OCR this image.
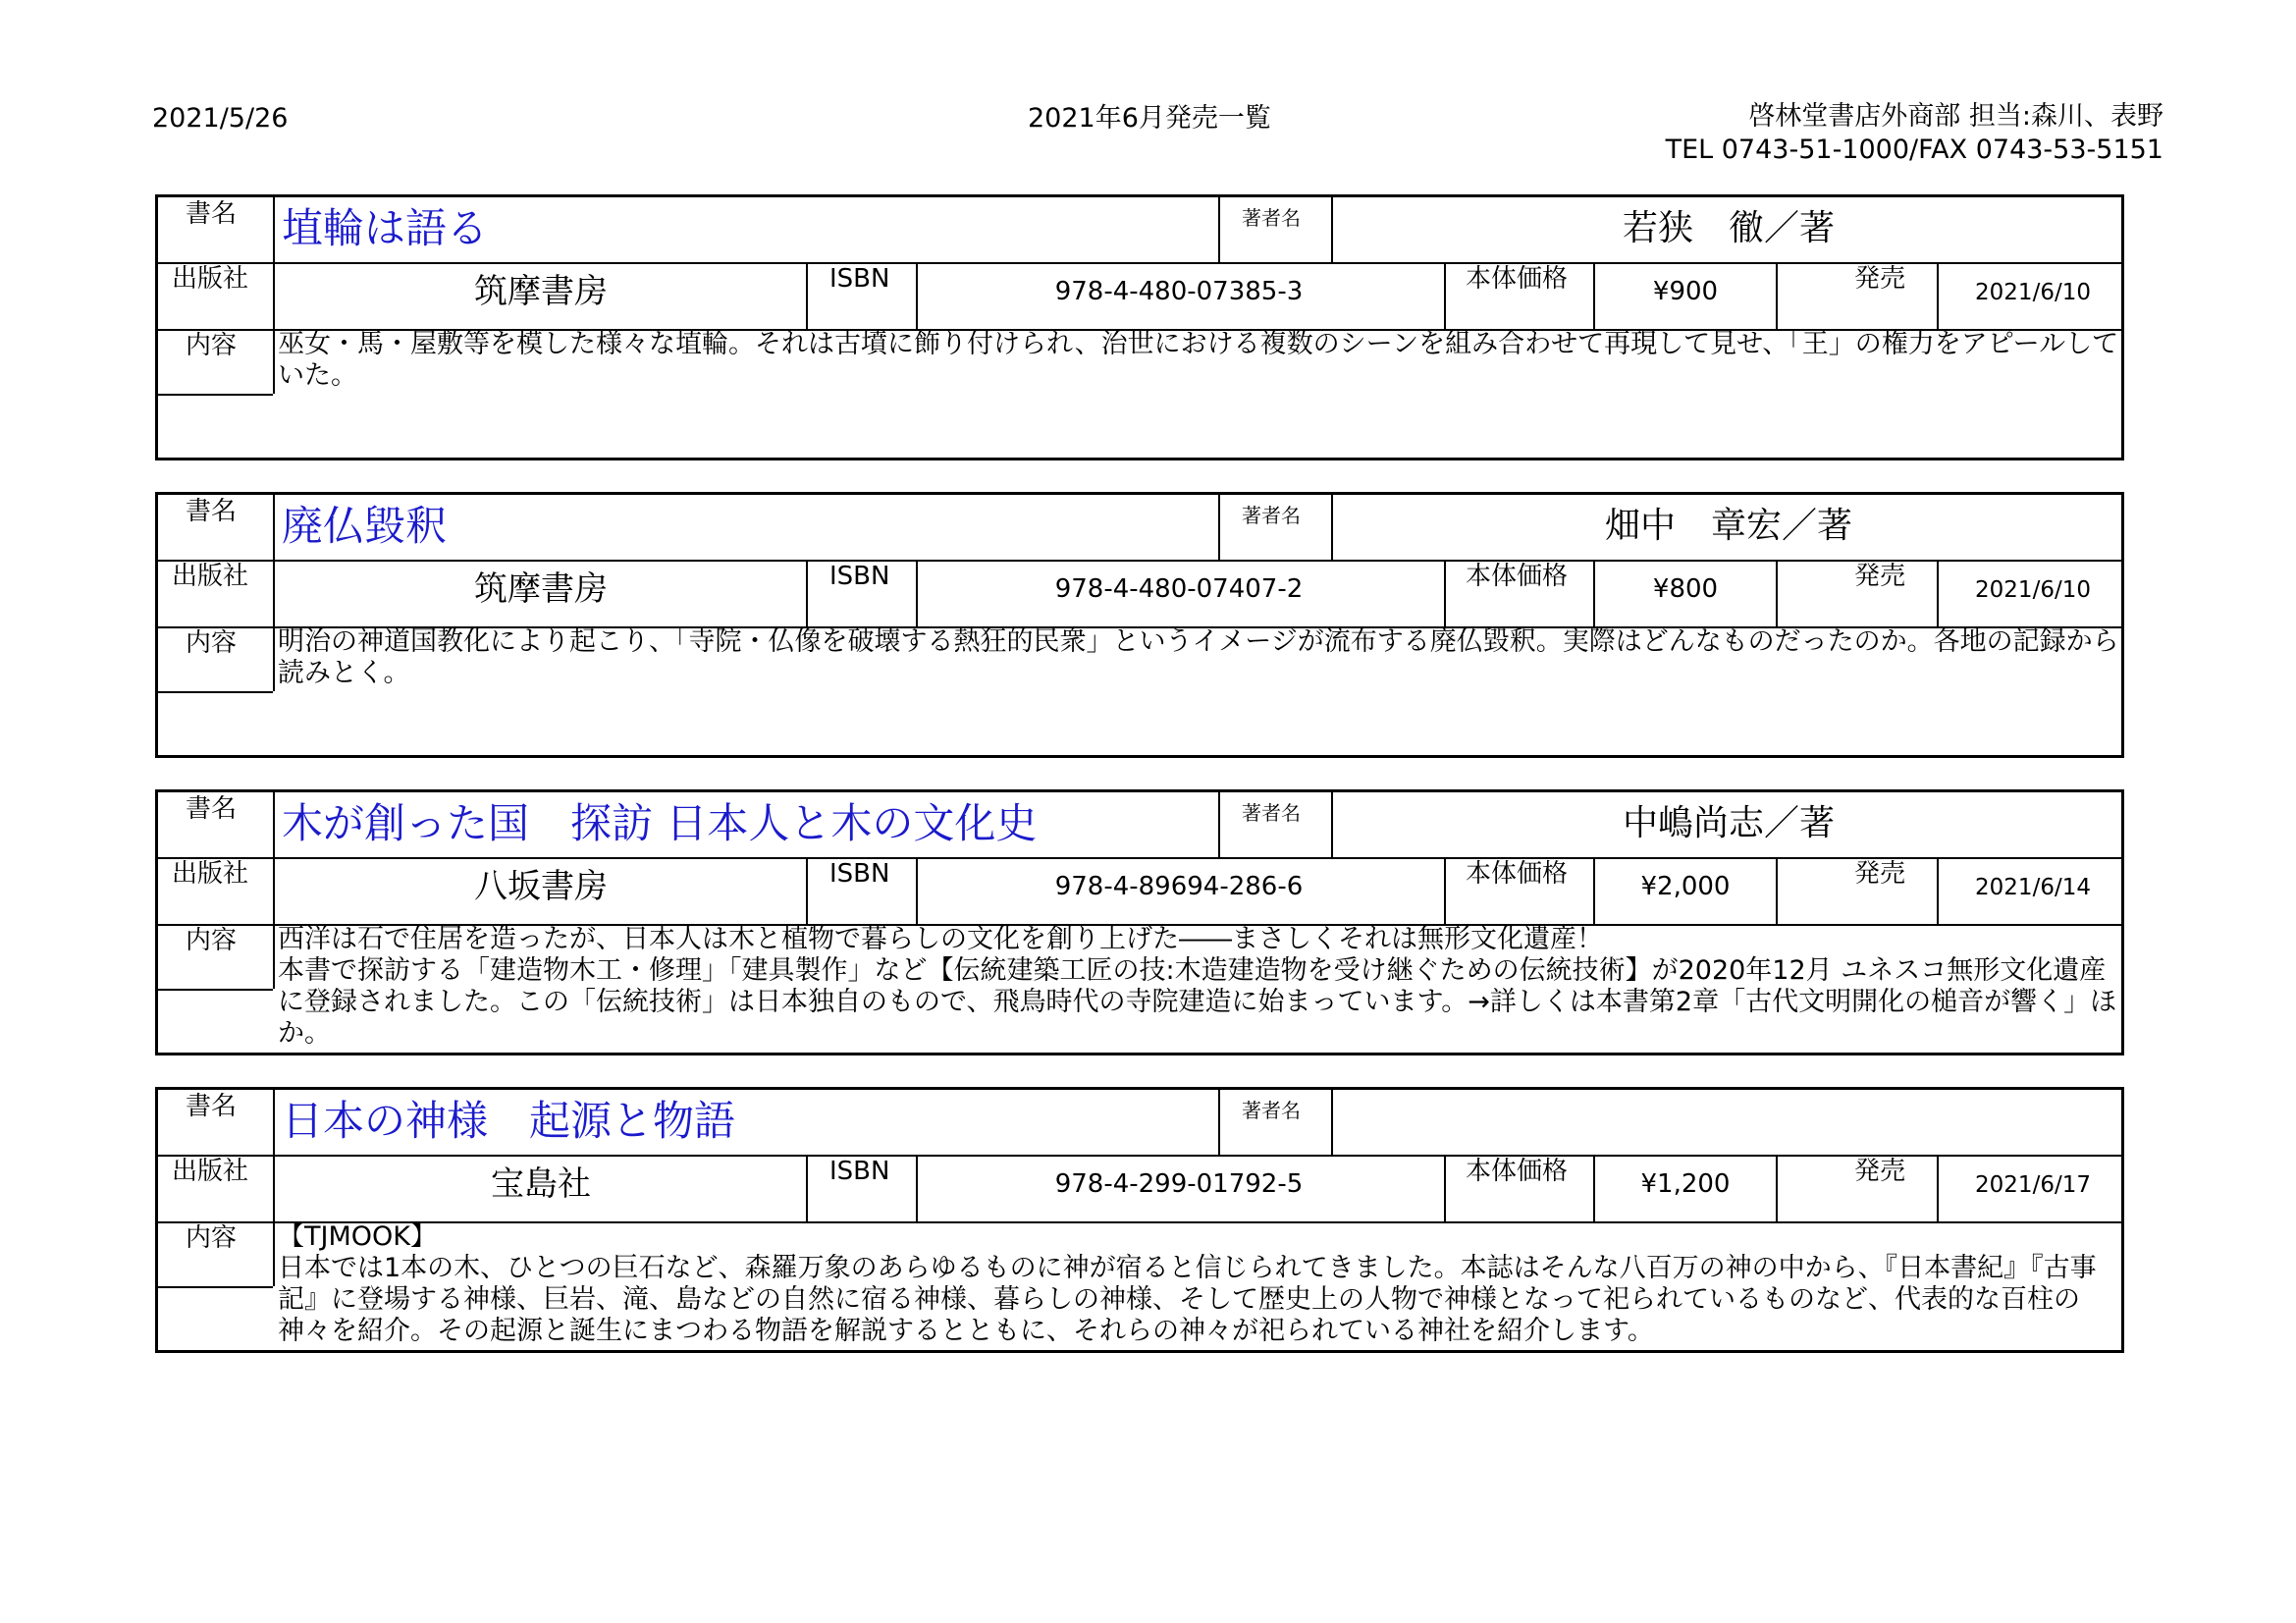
2021/5/26	2021年6月発売一覧	啓林堂書店外商部 担当:森川、表野
TEL 0743-51-1000/FAX 0743-53-5151
書名 埴輪は語る	著者名	若狭　徹／著
出版社	筑摩書房	ISBN	978-4-480-07385-3	本体価格	¥900	発売	2021/6/10
内容 巫女・馬・屋敷等を模した様々な埴輪。それは古墳に飾り付けられ、治世における複数のシーンを組み合わせて再現して見せ、「王」の権力をアピールしていた。
書名 廃仏毀釈	著者名	畑中　章宏／著
出版社	筑摩書房	ISBN	978-4-480-07407-2	本体価格	¥800	発売	2021/6/10
内容 明治の神道国教化により起こり、「寺院・仏像を破壊する熱狂的民衆」というイメージが流布する廃仏毀釈。実際はどんなものだったのか。各地の記録から読みとく。
書名 木が創った国　探訪 日本人と木の文化史	著者名	中嶋尚志／著
出版社	八坂書房	ISBN	978-4-89694-286-6	本体価格	¥2,000	発売	2021/6/14
内容 西洋は石で住居を造ったが、日本人は木と植物で暮らしの文化を創り上げた――まさしくそれは無形文化遺産！
本書で探訪する「建造物木工・修理」「建具製作」など【伝統建築工匠の技:木造建造物を受け継ぐための伝統技術】が2020年12月 ユネスコ無形文化遺産に登録されました。この「伝統技術」は日本独自のもので、飛鳥時代の寺院建造に始まっています。→詳しくは本書第2章「古代文明開化の槌音が響く」ほか。
書名 日本の神様　起源と物語	著者名
出版社	宝島社	ISBN	978-4-299-01792-5	本体価格	¥1,200	発売	2021/6/17
内容 【TJMOOK】
日本では1本の木、ひとつの巨石など、森羅万象のあらゆるものに神が宿ると信じられてきました。本誌はそんな八百万の神の中から、『日本書紀』『古事記』に登場する神様、巨岩、滝、島などの自然に宿る神様、暮らしの神様、そして歴史上の人物で神様となって祀られているものなど、代表的な百柱の神々を紹介。その起源と誕生にまつわる物語を解説するとともに、それらの神々が祀られている神社を紹介します。
